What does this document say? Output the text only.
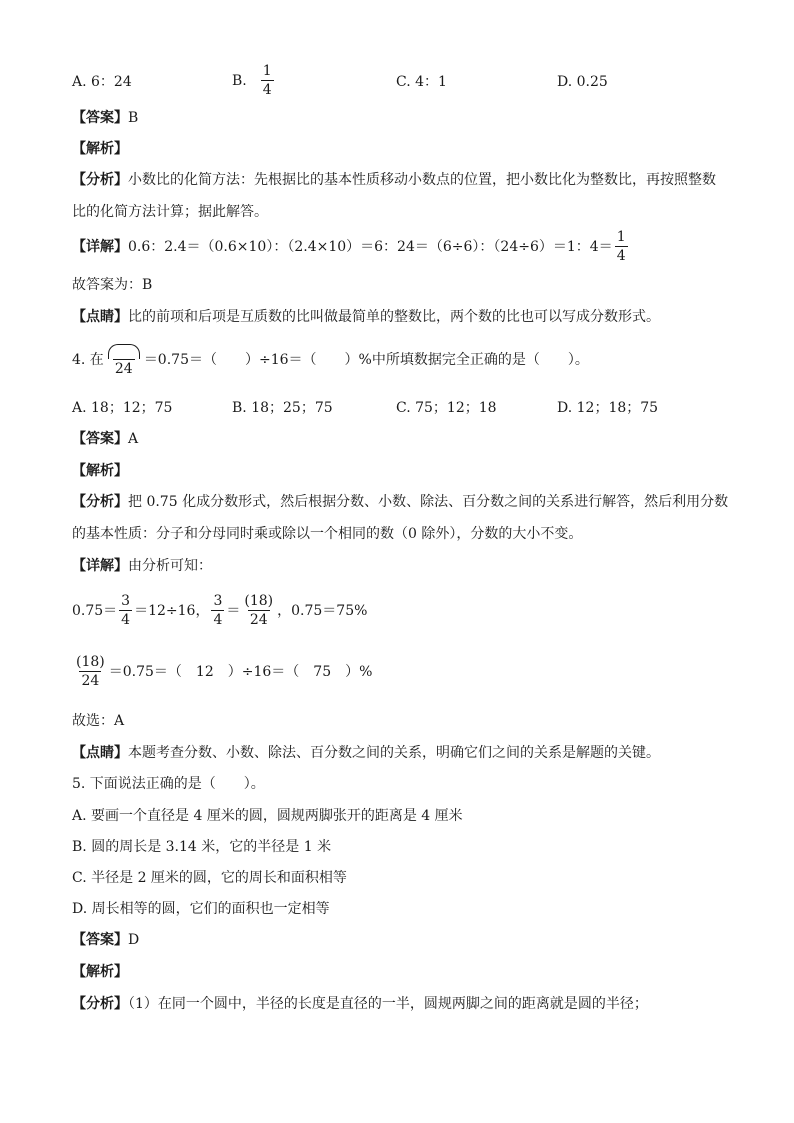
A. 6：24	B. $\frac{1}{4}$	C. 4：1	D. 0.25
【答案】B
【解析】
【分析】小数比的化简方法：先根据比的基本性质移动小数点的位置，把小数比化为整数比，再按照整数
比的化简方法计算；据此解答。
【详解】 0.6：2.4＝（0.6×10）：（2.4×10）＝6：24＝（6÷6）：（24÷6）＝1：$4= \frac{1}{4}$
故答案为：B
【点睛】比的前项和后项是互质数的比叫做最简单的整数比，两个数的比也可以写成分数形式。
4. 在
24
＝0.75＝（　　）÷16＝（　　）%中所填数据完全正确的是（　　）。
A. 18；12；75	B. 18；25；75	C. 75；12；18	D. 12；18；75
【答案】A
【解析】
【分析】把 0.75 化成分数形式，然后根据分数、小数、除法、百分数之间的关系进行解答，然后利用分数
的基本性质：分子和分母同时乘或除以一个相同的数（0 除外），分数的大小不变。
【详解】由分析可知：
$0.75= \frac{3}{4} =12\div 16$， $\frac{3}{4} = \frac{(18)}{24}$ ，0.75＝75%
$\frac{(18)}{24} =0.75=$（　12　）÷16＝（　75　）%
故选：A
【点睛】本题考查分数、小数、除法、百分数之间的关系，明确它们之间的关系是解题的关键。
5. 下面说法正确的是（　　）。
A. 要画一个直径是 4 厘米的圆，圆规两脚张开的距离是 4 厘米
B. 圆的周长是 3.14 米，它的半径是 1 米
C. 半径是 2 厘米的圆，它的周长和面积相等
D. 周长相等的圆，它们的面积也一定相等
【答案】D
【解析】
【分析】（1）在同一个圆中，半径的长度是直径的一半，圆规两脚之间的距离就是圆的半径；
